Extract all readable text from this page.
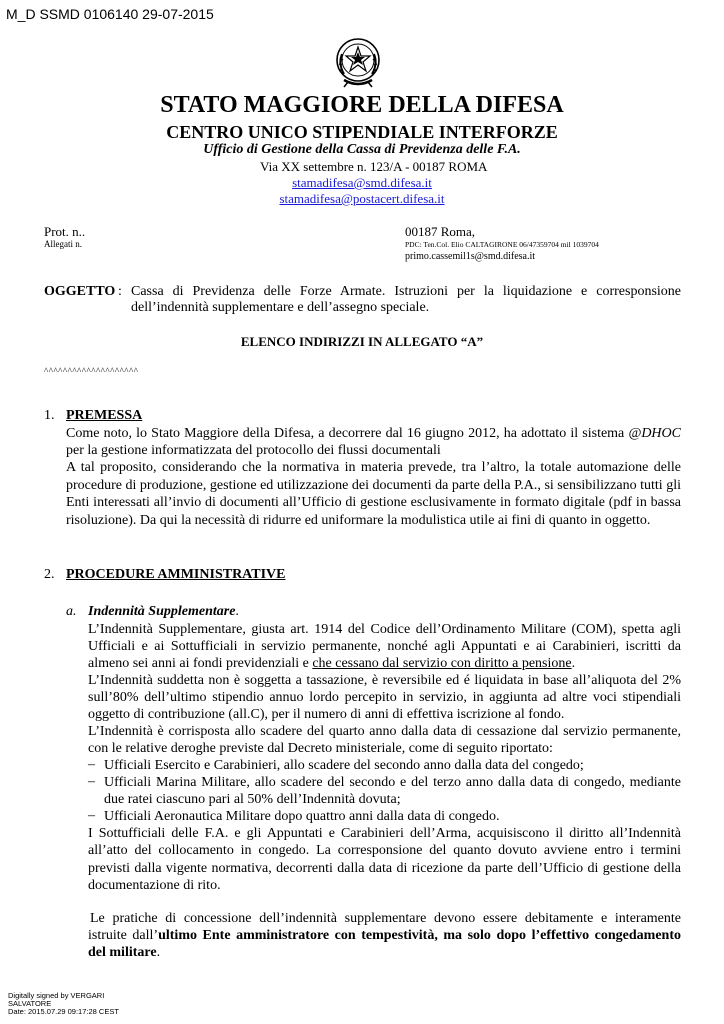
M_D SSMD 0106140 29-07-2015
STATO MAGGIORE DELLA DIFESA
CENTRO UNICO STIPENDIALE INTERFORZE
Ufficio di Gestione della Cassa di Previdenza delle F.A.
Via XX settembre n. 123/A - 00187 ROMA
stamadifesa@smd.difesa.it
stamadifesa@postacert.difesa.it
Prot. n..
Allegati n.
00187 Roma,
PDC: Ten.Col. Elio CALTAGIRONE 06/47359704 mil 1039704
primo.cassemil1s@smd.difesa.it
OGGETTO : Cassa di Previdenza delle Forze Armate. Istruzioni per la liquidazione e corresponsione
dell’indennità supplementare e dell’assegno speciale.
ELENCO INDIRIZZI IN ALLEGATO “A”
^^^^^^^^^^^^^^^^^^^^
1. PREMESSA
Come noto, lo Stato Maggiore della Difesa, a decorrere dal 16 giugno 2012, ha adottato il sistema @DHOC per la gestione informatizzata del protocollo dei flussi documentali
A tal proposito, considerando che la normativa in materia prevede, tra l’altro, la totale automazione delle procedure di produzione, gestione ed utilizzazione dei documenti da parte della P.A., si sensibilizzano tutti gli Enti interessati all’invio di documenti all’Ufficio di gestione esclusivamente in formato digitale (pdf in bassa risoluzione). Da qui la necessità di ridurre ed uniformare la modulistica utile ai fini di quanto in oggetto.
2. PROCEDURE AMMINISTRATIVE
a. Indennità Supplementare.
L’Indennità Supplementare, giusta art. 1914 del Codice dell’Ordinamento Militare (COM), spetta agli Ufficiali e ai Sottufficiali in servizio permanente, nonché agli Appuntati e ai Carabinieri, iscritti da almeno sei anni ai fondi previdenziali e che cessano dal servizio con diritto a pensione.
L’Indennità suddetta non è soggetta a tassazione, è reversibile ed é liquidata in base all’aliquota del 2% sull’80% dell’ultimo stipendio annuo lordo percepito in servizio, in aggiunta ad altre voci stipendiali oggetto di contribuzione (all.C), per il numero di anni di effettiva iscrizione al fondo.
L’Indennità è corrisposta allo scadere del quarto anno dalla data di cessazione dal servizio permanente, con le relative deroghe previste dal Decreto ministeriale, come di seguito riportato:
– Ufficiali Esercito e Carabinieri, allo scadere del secondo anno dalla data del congedo;
– Ufficiali Marina Militare, allo scadere del secondo e del terzo anno dalla data di congedo, mediante due ratei ciascuno pari al 50% dell’Indennità dovuta;
– Ufficiali Aeronautica Militare dopo quattro anni dalla data di congedo.
I Sottufficiali delle F.A. e gli Appuntati e Carabinieri dell’Arma, acquisiscono il diritto all’Indennità all’atto del collocamento in congedo. La corresponsione del quanto dovuto avviene entro i termini previsti dalla vigente normativa, decorrenti dalla data di ricezione da parte dell’Ufficio di gestione della documentazione di rito.
Le pratiche di concessione dell’indennità supplementare devono essere debitamente e interamente istruite dall’ultimo Ente amministratore con tempestività, ma solo dopo l’effettivo congedamento del militare.
Digitally signed by VERGARI
SALVATORE
Date: 2015.07.29 09:17:28 CEST
